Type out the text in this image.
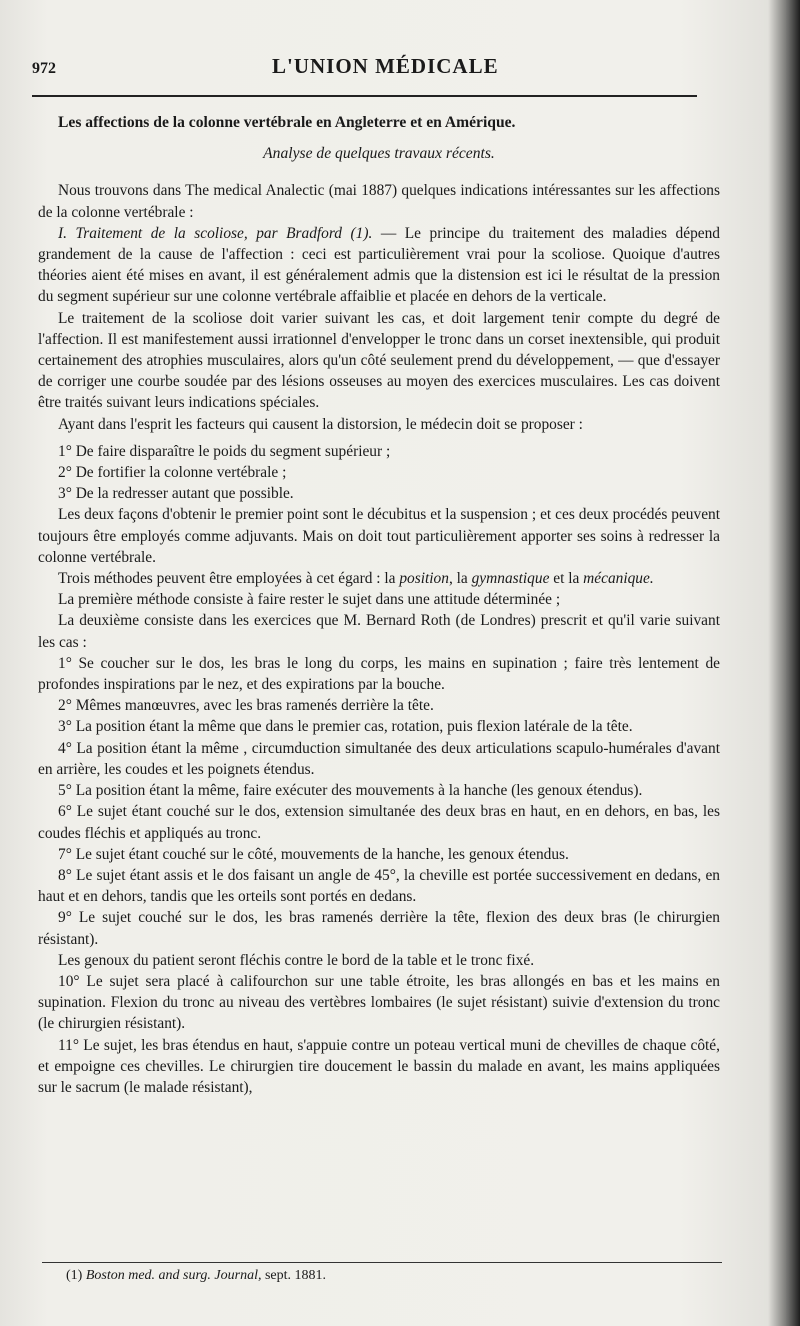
972	L'UNION MÉDICALE
Les affections de la colonne vertébrale en Angleterre et en Amérique.
Analyse de quelques travaux récents.

Nous trouvons dans The medical Analectic (mai 1887) quelques indications intéressantes sur les affections de la colonne vertébrale :

I. Traitement de la scoliose, par Bradford (1). — Le principe du traitement des maladies dépend grandement de la cause de l'affection : ceci est particulièrement vrai pour la scoliose. Quoique d'autres théories aient été mises en avant, il est généralement admis que la distension est ici le résultat de la pression du segment supérieur sur une colonne vertébrale affaiblie et placée en dehors de la verticale.

Le traitement de la scoliose doit varier suivant les cas, et doit largement tenir compte du degré de l'affection. Il est manifestement aussi irrationnel d'envelopper le tronc dans un corset inextensible, qui produit certainement des atrophies musculaires, alors qu'un côté seulement prend du développement, — que d'essayer de corriger une courbe soudée par des lésions osseuses au moyen des exercices musculaires. Les cas doivent être traités suivant leurs indications spéciales.

Ayant dans l'esprit les facteurs qui causent la distorsion, le médecin doit se proposer :

1° De faire disparaître le poids du segment supérieur ;

2° De fortifier la colonne vertébrale ;

3° De la redresser autant que possible.

Les deux façons d'obtenir le premier point sont le décubitus et la suspension ; et ces deux procédés peuvent toujours être employés comme adjuvants. Mais on doit tout particulièrement apporter ses soins à redresser la colonne vertébrale.

Trois méthodes peuvent être employées à cet égard : la position, la gymnastique et la mécanique.

La première méthode consiste à faire rester le sujet dans une attitude déterminée ;

La deuxième consiste dans les exercices que M. Bernard Roth (de Londres) prescrit et qu'il varie suivant les cas :

1° Se coucher sur le dos, les bras le long du corps, les mains en supination ; faire très lentement de profondes inspirations par le nez, et des expirations par la bouche.

2° Mêmes manœuvres, avec les bras ramenés derrière la tête.

3° La position étant la même que dans le premier cas, rotation, puis flexion latérale de la tête.

4° La position étant la même , circumduction simultanée des deux articulations scapulo-humérales d'avant en arrière, les coudes et les poignets étendus.

5° La position étant la même, faire exécuter des mouvements à la hanche (les genoux étendus).

6° Le sujet étant couché sur le dos, extension simultanée des deux bras en haut, en en dehors, en bas, les coudes fléchis et appliqués au tronc.

7° Le sujet étant couché sur le côté, mouvements de la hanche, les genoux étendus.

8° Le sujet étant assis et le dos faisant un angle de 45°, la cheville est portée successivement en dedans, en haut et en dehors, tandis que les orteils sont portés en dedans.

9° Le sujet couché sur le dos, les bras ramenés derrière la tête, flexion des deux bras (le chirurgien résistant).

Les genoux du patient seront fléchis contre le bord de la table et le tronc fixé.

10° Le sujet sera placé à califourchon sur une table étroite, les bras allongés en bas et les mains en supination. Flexion du tronc au niveau des vertèbres lombaires (le sujet résistant) suivie d'extension du tronc (le chirurgien résistant).

11° Le sujet, les bras étendus en haut, s'appuie contre un poteau vertical muni de chevilles de chaque côté, et empoigne ces chevilles. Le chirurgien tire doucement le bassin du malade en avant, les mains appliquées sur le sacrum (le malade résistant),

(1) Boston med. and surg. Journal, sept. 1881.
